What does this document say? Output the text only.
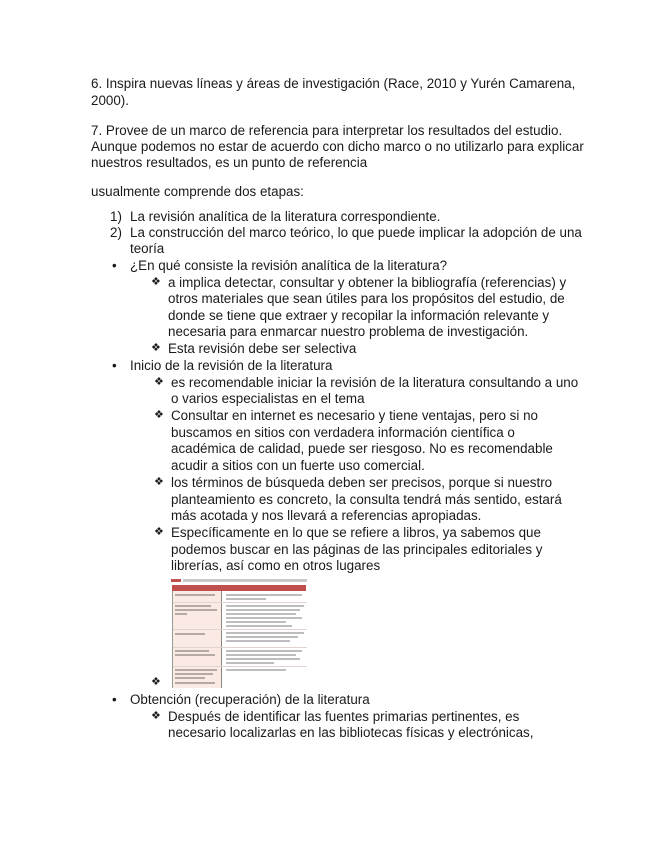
6. Inspira nuevas líneas y áreas de investigación (Race, 2010 y Yurén Camarena,
2000).
7. Provee de un marco de referencia para interpretar los resultados del estudio.
Aunque podemos no estar de acuerdo con dicho marco o no utilizarlo para explicar
nuestros resultados, es un punto de referencia
usualmente comprende dos etapas:
1) La revisión analítica de la literatura correspondiente.
2) La construcción del marco teórico, lo que puede implicar la adopción de una
teoría
• ¿En qué consiste la revisión analítica de la literatura?
❖ a implica detectar, consultar y obtener la bibliografía (referencias) y
otros materiales que sean útiles para los propósitos del estudio, de
donde se tiene que extraer y recopilar la información relevante y
necesaria para enmarcar nuestro problema de investigación.
❖ Esta revisión debe ser selectiva
• Inicio de la revisión de la literatura
❖ es recomendable iniciar la revisión de la literatura consultando a uno
o varios especialistas en el tema
❖ Consultar en internet es necesario y tiene ventajas, pero si no
buscamos en sitios con verdadera información científica o
académica de calidad, puede ser riesgoso. No es recomendable
acudir a sitios con un fuerte uso comercial.
❖ los términos de búsqueda deben ser precisos, porque si nuestro
planteamiento es concreto, la consulta tendrá más sentido, estará
más acotada y nos llevará a referencias apropiadas.
❖ Específicamente en lo que se refiere a libros, ya sabemos que
podemos buscar en las páginas de las principales editoriales y
librerías, así como en otros lugares
❖
• Obtención (recuperación) de la literatura
❖ Después de identificar las fuentes primarias pertinentes, es
necesario localizarlas en las bibliotecas físicas y electrónicas,
